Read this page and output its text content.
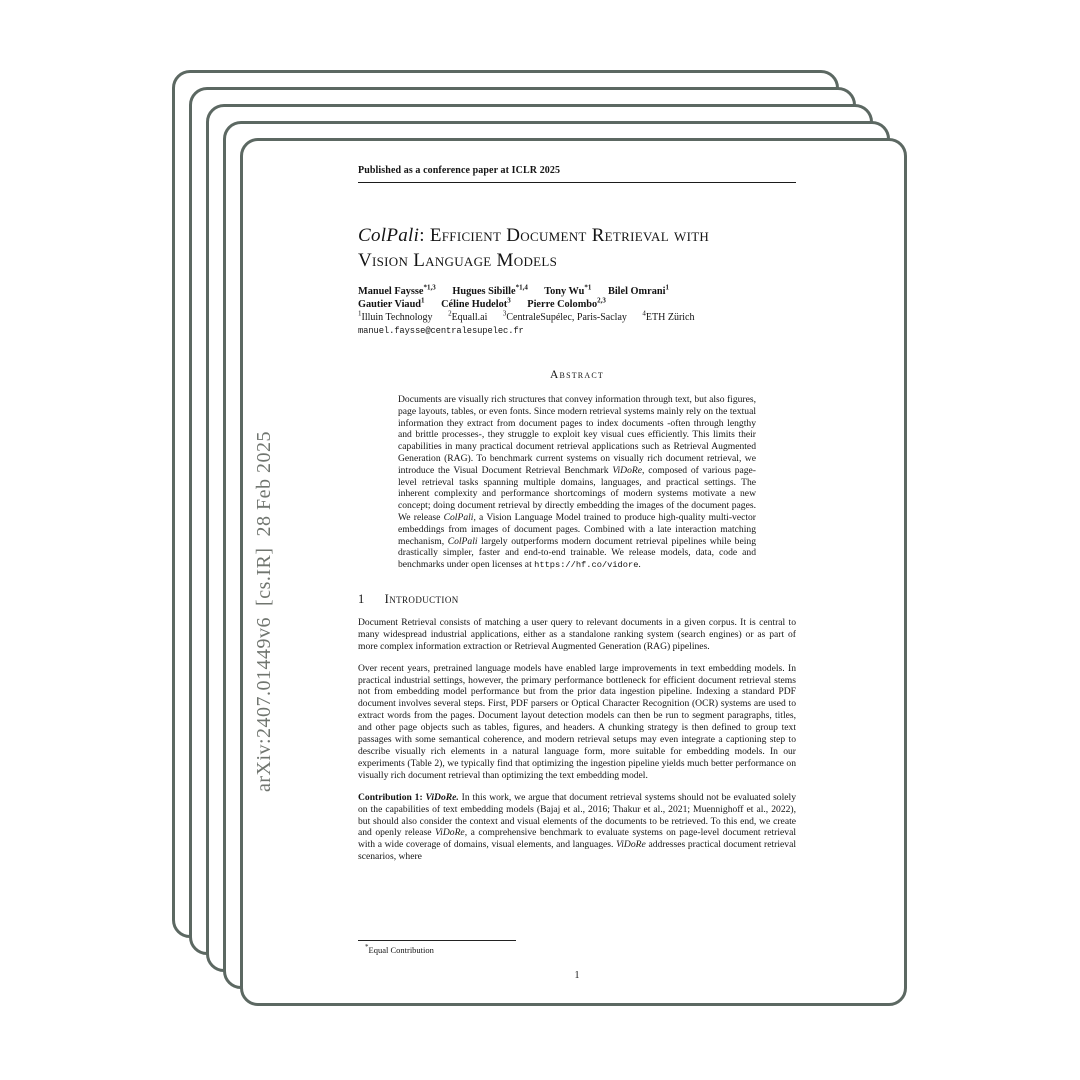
arXiv:2407.01449v6  [cs.IR]  28 Feb 2025
Published as a conference paper at ICLR 2025
ColPali: Efficient Document Retrieval with
Vision Language Models
Manuel Faysse$^{*1,3}$ Hugues Sibille$^{*1,4}$ Tony Wu$^{*1}$ Bilel Omrani$^1$
Gautier Viaud$^1$ Céline Hudelot$^3$ Pierre Colombo$^{2,3}$
$^1$Illuin Technology $^2$Equall.ai $^3$CentraleSupélec, Paris-Saclay $^4$ETH Zürich
manuel.faysse@centralesupelec.fr
Abstract

Documents are visually rich structures that convey information through text, but also figures, page layouts, tables, or even fonts. Since modern retrieval systems mainly rely on the textual information they extract from document pages to index documents -often through lengthy and brittle processes-, they struggle to exploit key visual cues efficiently. This limits their capabilities in many practical document retrieval applications such as Retrieval Augmented Generation (RAG). To benchmark current systems on visually rich document retrieval, we introduce the Visual Document Retrieval Benchmark ViDoRe, composed of various page-level retrieval tasks spanning multiple domains, languages, and practical settings. The inherent complexity and performance shortcomings of modern systems motivate a new concept; doing document retrieval by directly embedding the images of the document pages. We release ColPali, a Vision Language Model trained to produce high-quality multi-vector embeddings from images of document pages. Combined with a late interaction matching mechanism, ColPali largely outperforms modern document retrieval pipelines while being drastically simpler, faster and end-to-end trainable. We release models, data, code and benchmarks under open licenses at https://hf.co/vidore.

1 Introduction

Document Retrieval consists of matching a user query to relevant documents in a given corpus. It is central to many widespread industrial applications, either as a standalone ranking system (search engines) or as part of more complex information extraction or Retrieval Augmented Generation (RAG) pipelines.

Over recent years, pretrained language models have enabled large improvements in text embedding models. In practical industrial settings, however, the primary performance bottleneck for efficient document retrieval stems not from embedding model performance but from the prior data ingestion pipeline. Indexing a standard PDF document involves several steps. First, PDF parsers or Optical Character Recognition (OCR) systems are used to extract words from the pages. Document layout detection models can then be run to segment paragraphs, titles, and other page objects such as tables, figures, and headers. A chunking strategy is then defined to group text passages with some semantical coherence, and modern retrieval setups may even integrate a captioning step to describe visually rich elements in a natural language form, more suitable for embedding models. In our experiments (Table 2), we typically find that optimizing the ingestion pipeline yields much better performance on visually rich document retrieval than optimizing the text embedding model.

Contribution 1: ViDoRe. In this work, we argue that document retrieval systems should not be evaluated solely on the capabilities of text embedding models (Bajaj et al., 2016; Thakur et al., 2021; Muennighoff et al., 2022), but should also consider the context and visual elements of the documents to be retrieved. To this end, we create and openly release ViDoRe, a comprehensive benchmark to evaluate systems on page-level document retrieval with a wide coverage of domains, visual elements, and languages. ViDoRe addresses practical document retrieval scenarios, where

*Equal Contribution
1
